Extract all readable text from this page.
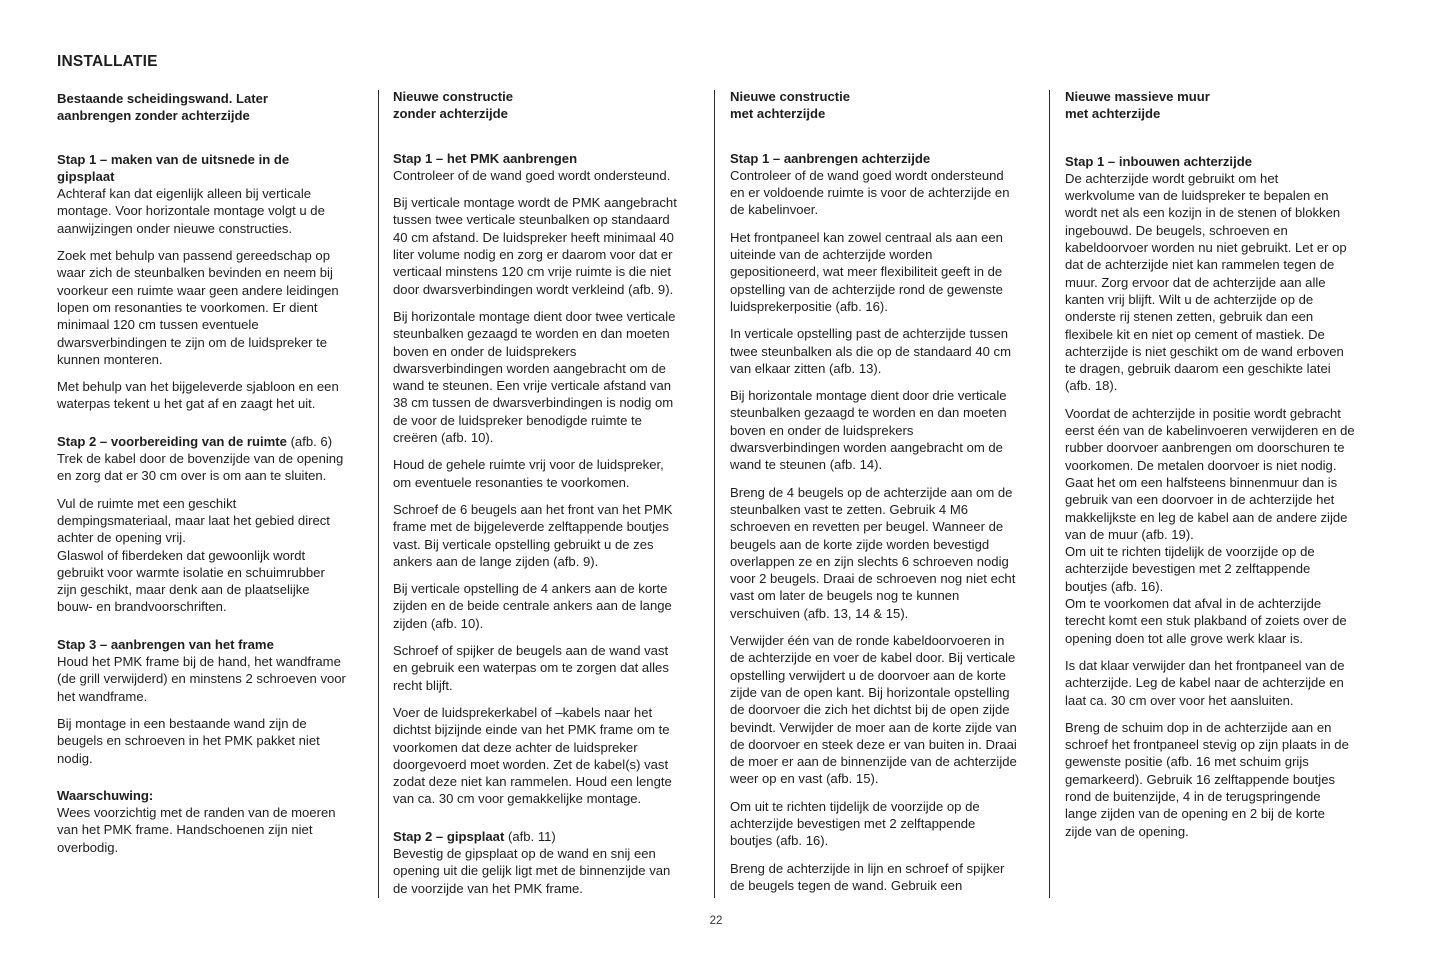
INSTALLATIE
Bestaande scheidingswand. Later
aanbrengen zonder achterzijde
Stap 1 – maken van de uitsnede in de
gipsplaat

Achteraf kan dat eigenlijk alleen bij verticale
montage. Voor horizontale montage volgt u de
aanwijzingen onder nieuwe constructies.

Zoek met behulp van passend gereedschap op
waar zich de steunbalken bevinden en neem bij
voorkeur een ruimte waar geen andere leidingen
lopen om resonanties te voorkomen. Er dient
minimaal 120 cm tussen eventuele
dwarsverbindingen te zijn om de luidspreker te
kunnen monteren.

Met behulp van het bijgeleverde sjabloon en een
waterpas tekent u het gat af en zaagt het uit.

Stap 2 – voorbereiding van de ruimte (afb. 6)

Trek de kabel door de bovenzijde van de opening
en zorg dat er 30 cm over is om aan te sluiten.

Vul de ruimte met een geschikt
dempingsmateriaal, maar laat het gebied direct
achter de opening vrij.
Glaswol of fiberdeken dat gewoonlijk wordt
gebruikt voor warmte isolatie en schuimrubber
zijn geschikt, maar denk aan de plaatselijke
bouw- en brandvoorschriften.

Stap 3 – aanbrengen van het frame

Houd het PMK frame bij de hand, het wandframe
(de grill verwijderd) en minstens 2 schroeven voor
het wandframe.

Bij montage in een bestaande wand zijn de
beugels en schroeven in het PMK pakket niet
nodig.

Waarschuwing:

Wees voorzichtig met de randen van de moeren
van het PMK frame. Handschoenen zijn niet
overbodig.

Nieuwe constructie
zonder achterzijde
Stap 1 – het PMK aanbrengen

Controleer of de wand goed wordt ondersteund.

Bij verticale montage wordt de PMK aangebracht
tussen twee verticale steunbalken op standaard
40 cm afstand. De luidspreker heeft minimaal 40
liter volume nodig en zorg er daarom voor dat er
verticaal minstens 120 cm vrije ruimte is die niet
door dwarsverbindingen wordt verkleind (afb. 9).

Bij horizontale montage dient door twee verticale
steunbalken gezaagd te worden en dan moeten
boven en onder de luidsprekers
dwarsverbindingen worden aangebracht om de
wand te steunen. Een vrije verticale afstand van
38 cm tussen de dwarsverbindingen is nodig om
de voor de luidspreker benodigde ruimte te
creëren (afb. 10).

Houd de gehele ruimte vrij voor de luidspreker,
om eventuele resonanties te voorkomen.

Schroef de 6 beugels aan het front van het PMK
frame met de bijgeleverde zelftappende boutjes
vast. Bij verticale opstelling gebruikt u de zes
ankers aan de lange zijden (afb. 9).

Bij verticale opstelling de 4 ankers aan de korte
zijden en de beide centrale ankers aan de lange
zijden (afb. 10).

Schroef of spijker de beugels aan de wand vast
en gebruik een waterpas om te zorgen dat alles
recht blijft.

Voer de luidsprekerkabel of –kabels naar het
dichtst bijzijnde einde van het PMK frame om te
voorkomen dat deze achter de luidspreker
doorgevoerd moet worden. Zet de kabel(s) vast
zodat deze niet kan rammelen. Houd een lengte
van ca. 30 cm voor gemakkelijke montage.

Stap 2 – gipsplaat (afb. 11)

Bevestig de gipsplaat op de wand en snij een
opening uit die gelijk ligt met de binnenzijde van
de voorzijde van het PMK frame.

Nieuwe constructie
met achterzijde
Stap 1 – aanbrengen achterzijde

Controleer of de wand goed wordt ondersteund
en er voldoende ruimte is voor de achterzijde en
de kabelinvoer.

Het frontpaneel kan zowel centraal als aan een
uiteinde van de achterzijde worden
gepositioneerd, wat meer flexibiliteit geeft in de
opstelling van de achterzijde rond de gewenste
luidsprekerpositie (afb. 16).

In verticale opstelling past de achterzijde tussen
twee steunbalken als die op de standaard 40 cm
van elkaar zitten (afb. 13).

Bij horizontale montage dient door drie verticale
steunbalken gezaagd te worden en dan moeten
boven en onder de luidsprekers
dwarsverbindingen worden aangebracht om de
wand te steunen (afb. 14).

Breng de 4 beugels op de achterzijde aan om de
steunbalken vast te zetten. Gebruik 4 M6
schroeven en revetten per beugel. Wanneer de
beugels aan de korte zijde worden bevestigd
overlappen ze en zijn slechts 6 schroeven nodig
voor 2 beugels. Draai de schroeven nog niet echt
vast om later de beugels nog te kunnen
verschuiven (afb. 13, 14 & 15).

Verwijder één van de ronde kabeldoorvoeren in
de achterzijde en voer de kabel door. Bij verticale
opstelling verwijdert u de doorvoer aan de korte
zijde van de open kant. Bij horizontale opstelling
de doorvoer die zich het dichtst bij de open zijde
bevindt. Verwijder de moer aan de korte zijde van
de doorvoer en steek deze er van buiten in. Draai
de moer er aan de binnenzijde van de achterzijde
weer op en vast (afb. 15).

Om uit te richten tijdelijk de voorzijde op de
achterzijde bevestigen met 2 zelftappende
boutjes (afb. 16).

Breng de achterzijde in lijn en schroef of spijker
de beugels tegen de wand. Gebruik een

Nieuwe massieve muur
met achterzijde
Stap 1 – inbouwen achterzijde

De achterzijde wordt gebruikt om het
werkvolume van de luidspreker te bepalen en
wordt net als een kozijn in de stenen of blokken
ingebouwd. De beugels, schroeven en
kabeldoorvoer worden nu niet gebruikt. Let er op
dat de achterzijde niet kan rammelen tegen de
muur. Zorg ervoor dat de achterzijde aan alle
kanten vrij blijft. Wilt u de achterzijde op de
onderste rij stenen zetten, gebruik dan een
flexibele kit en niet op cement of mastiek. De
achterzijde is niet geschikt om de wand erboven
te dragen, gebruik daarom een geschikte latei
(afb. 18).

Voordat de achterzijde in positie wordt gebracht
eerst één van de kabelinvoeren verwijderen en de
rubber doorvoer aanbrengen om doorschuren te
voorkomen. De metalen doorvoer is niet nodig.
Gaat het om een halfsteens binnenmuur dan is
gebruik van een doorvoer in de achterzijde het
makkelijkste en leg de kabel aan de andere zijde
van de muur (afb. 19).
Om uit te richten tijdelijk de voorzijde op de
achterzijde bevestigen met 2 zelftappende
boutjes (afb. 16).
Om te voorkomen dat afval in de achterzijde
terecht komt een stuk plakband of zoiets over de
opening doen tot alle grove werk klaar is.

Is dat klaar verwijder dan het frontpaneel van de
achterzijde. Leg de kabel naar de achterzijde en
laat ca. 30 cm over voor het aansluiten.

Breng de schuim dop in de achterzijde aan en
schroef het frontpaneel stevig op zijn plaats in de
gewenste positie (afb. 16 met schuim grijs
gemarkeerd). Gebruik 16 zelftappende boutjes
rond de buitenzijde, 4 in de terugspringende
lange zijden van de opening en 2 bij de korte
zijde van de opening.

22
